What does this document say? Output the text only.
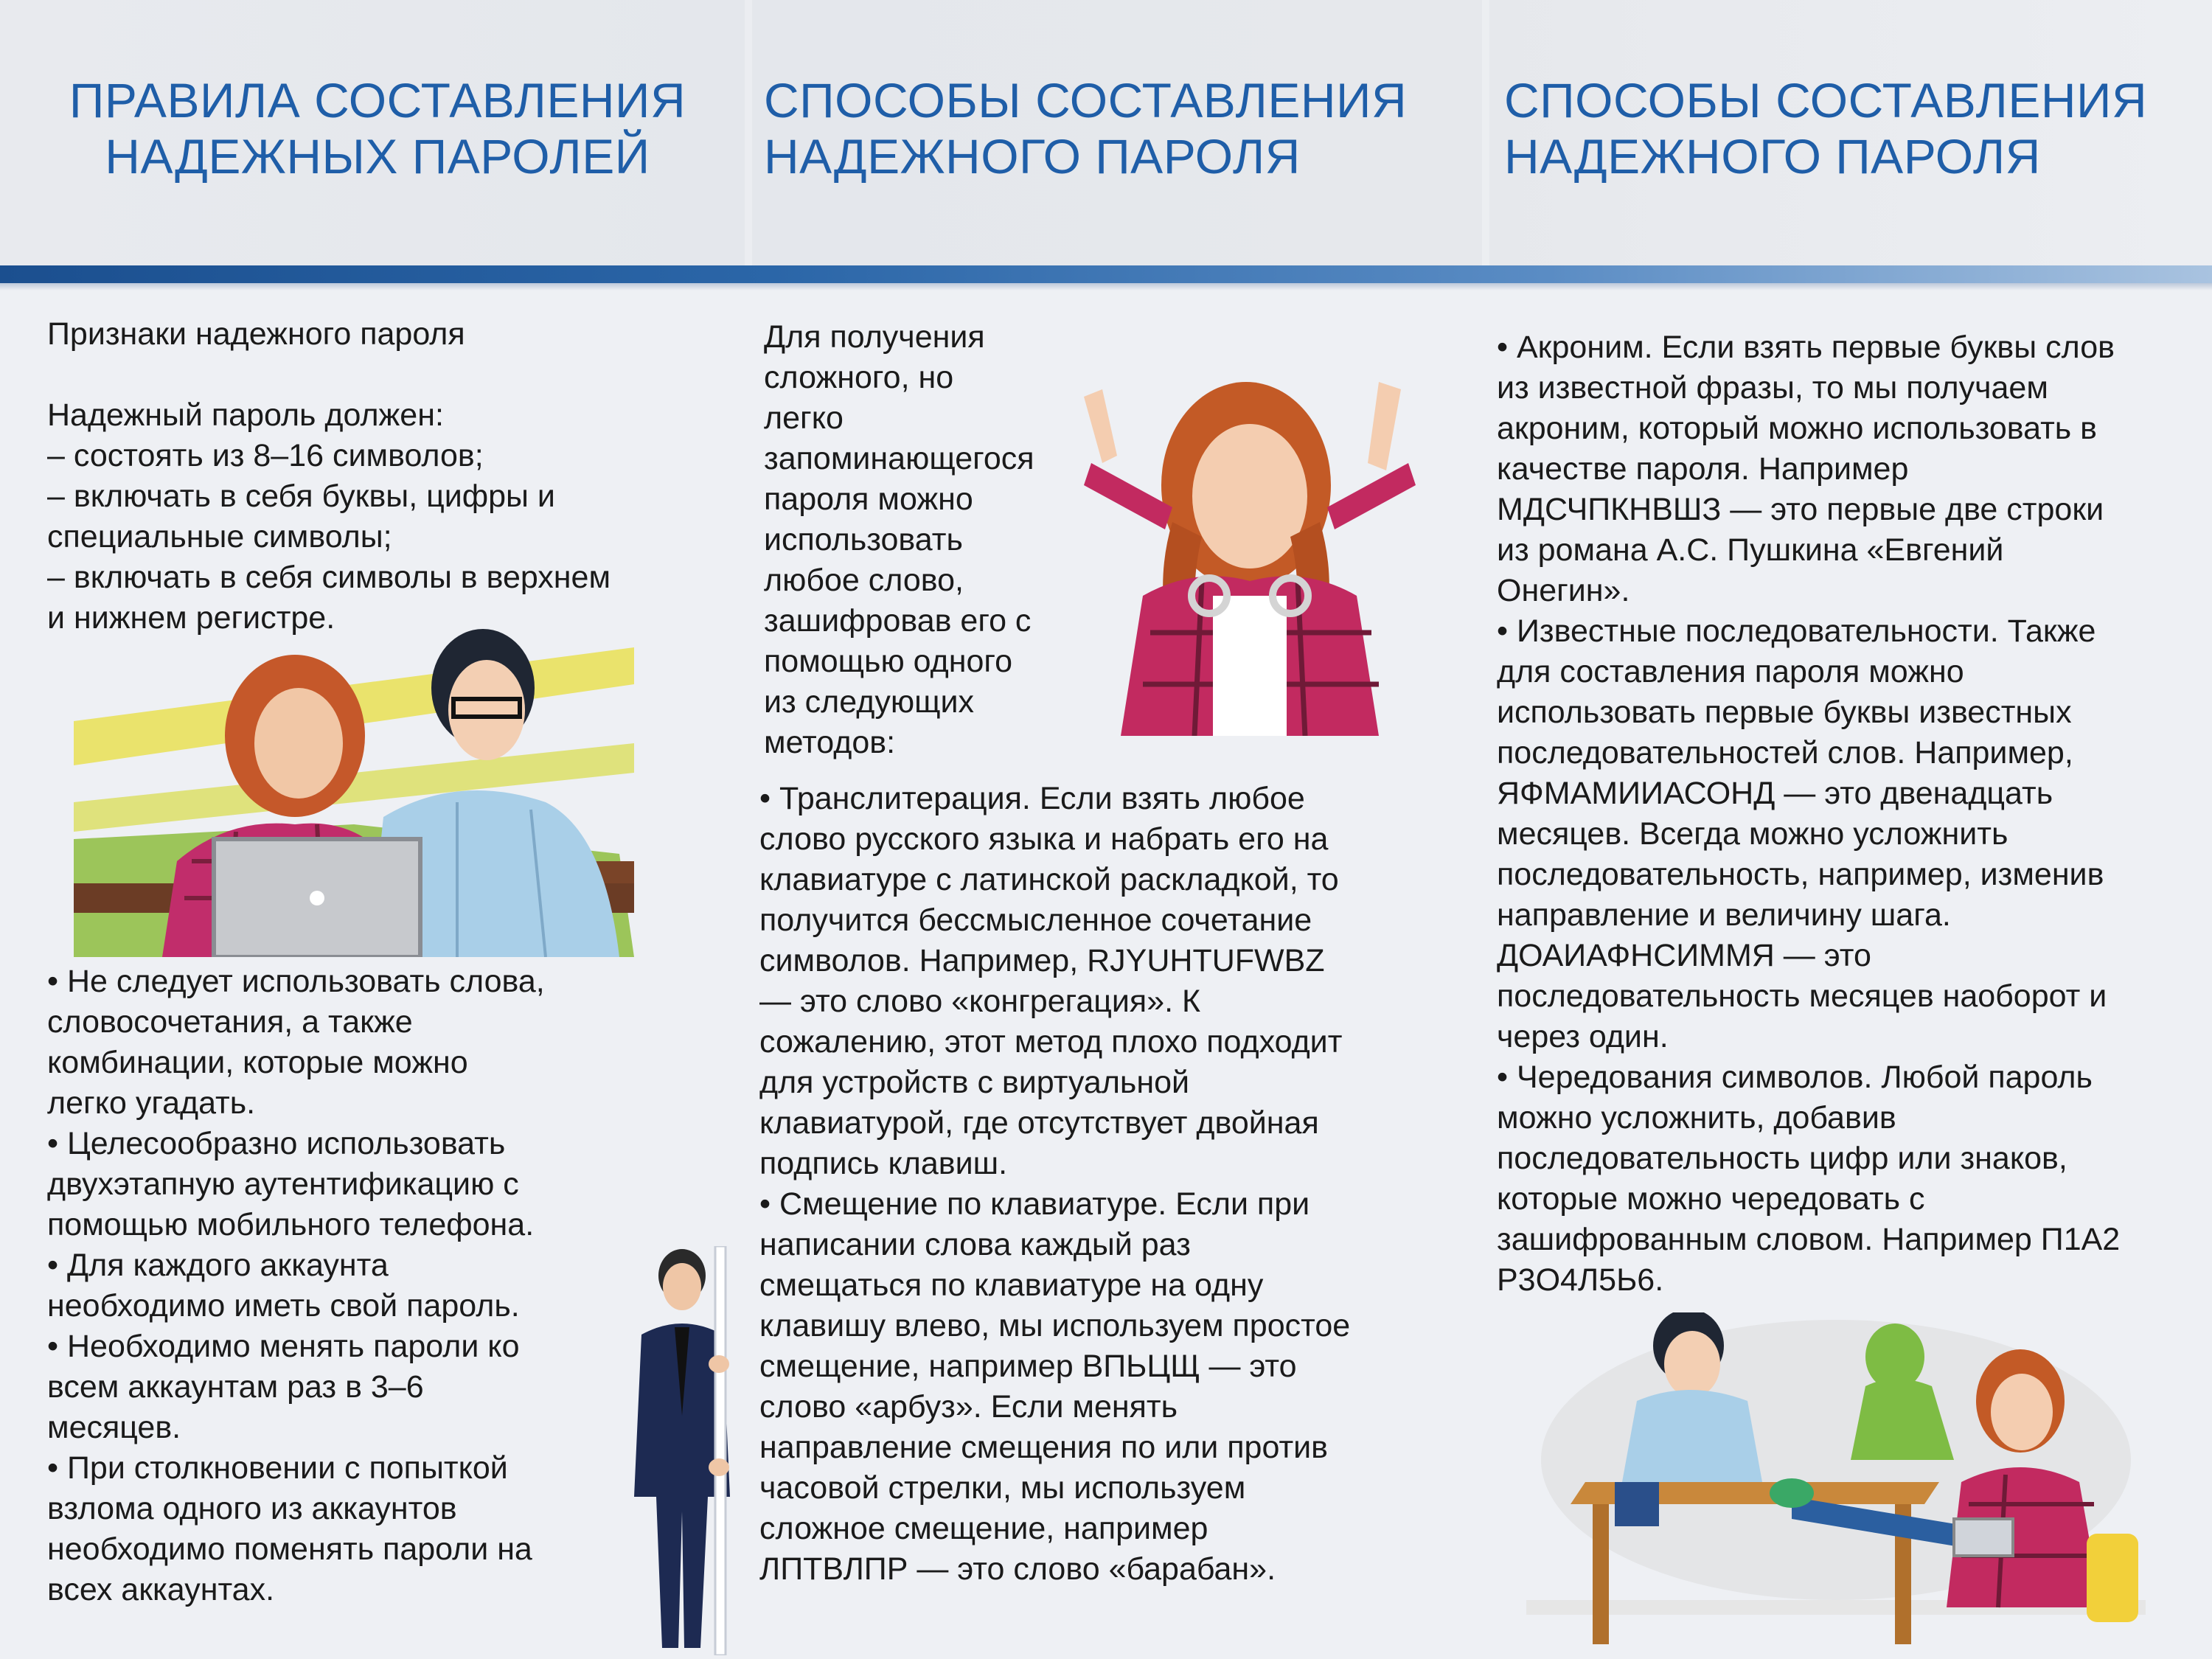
ПРАВИЛА СОСТАВЛЕНИЯ
НАДЕЖНЫХ ПАРОЛЕЙ
СПОСОБЫ СОСТАВЛЕНИЯ
НАДЕЖНОГО ПАРОЛЯ
СПОСОБЫ СОСТАВЛЕНИЯ
НАДЕЖНОГО ПАРОЛЯ

Признаки надежного пароля

Надежный пароль должен:

– состоять из 8–16 символов;

– включать в себя буквы, цифры и

специальные символы;

– включать в себя символы в верхнем

и нижнем регистре.

• Не следует использовать слова,

словосочетания, а также

комбинации, которые можно

легко угадать.

• Целесообразно использовать

двухэтапную аутентификацию с

помощью мобильного телефона.

• Для каждого аккаунта

необходимо иметь свой пароль.

• Необходимо менять пароли ко

всем аккаунтам раз в 3–6

месяцев.

• При столкновении с попыткой

взлома одного из аккаунтов

необходимо поменять пароли на

всех аккаунтах.

Для получения

сложного, но

легко

запоминающегося

пароля можно

использовать

любое слово,

зашифровав его с

помощью одного

из следующих

методов:

• Транслитерация. Если взять любое

слово русского языка и набрать его на

клавиатуре с латинской раскладкой, то

получится бессмысленное сочетание

символов. Например, RJYUHTUFWBZ

— это слово «конгрегация». К

сожалению, этот метод плохо подходит

для устройств с виртуальной

клавиатурой, где отсутствует двойная

подпись клавиш.

• Смещение по клавиатуре. Если при

написании слова каждый раз

смещаться по клавиатуре на одну

клавишу влево, мы используем простое

смещение, например ВПЬЦЩ — это

слово «арбуз». Если менять

направление смещения по или против

часовой стрелки, мы используем

сложное смещение, например

ЛПТВЛПР — это слово «барабан».

• Акроним. Если взять первые буквы слов

из известной фразы, то мы получаем

акроним, который можно использовать в

качестве пароля. Например

МДСЧПКНВШЗ — это первые две строки

из романа А.С. Пушкина «Евгений

Онегин».

• Известные последовательности. Также

для составления пароля можно

использовать первые буквы известных

последовательностей слов. Например,

ЯФМАМИИАСОНД — это двенадцать

месяцев. Всегда можно усложнить

последовательность, например, изменив

направление и величину шага.

ДОАИАФНСИММЯ — это

последовательность месяцев наоборот и

через один.

• Чередования символов. Любой пароль

можно усложнить, добавив

последовательность цифр или знаков,

которые можно чередовать с

зашифрованным словом. Например П1А2

Р3О4Л5Ь6.
